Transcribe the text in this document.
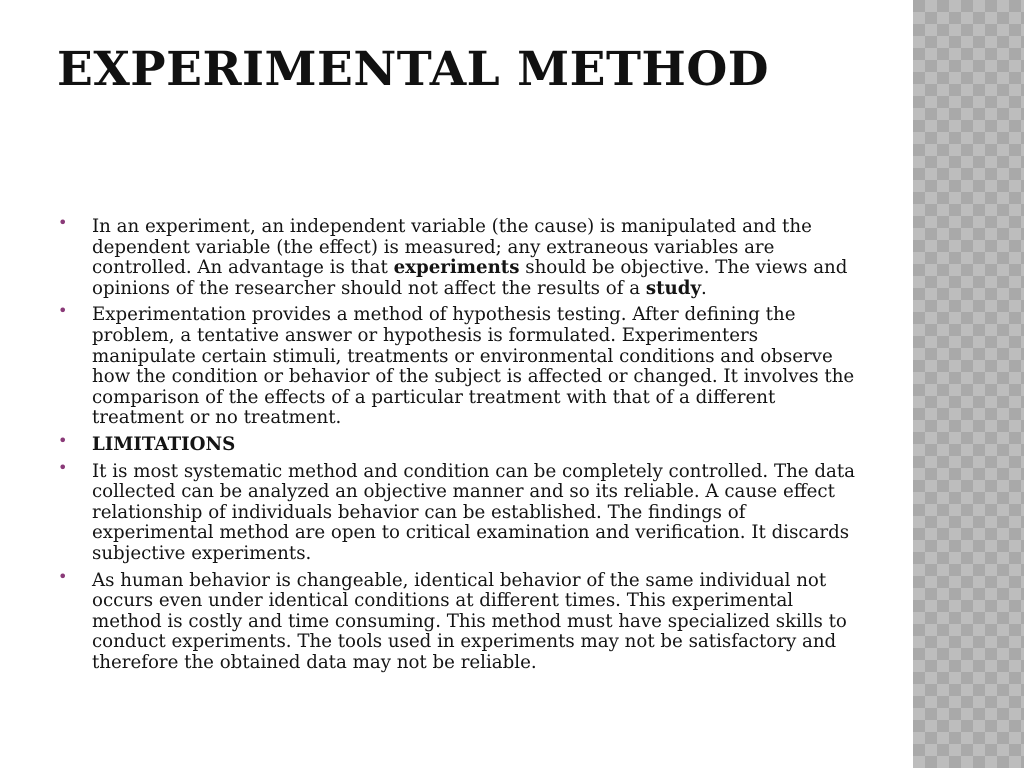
EXPERIMENTAL METHOD
• In an experiment, an independent variable (the cause) is manipulated and the dependent variable (the effect) is measured; any extraneous variables are controlled. An advantage is that experiments should be objective. The views and opinions of the researcher should not affect the results of a study.
• Experimentation provides a method of hypothesis testing. After defining the problem, a tentative answer or hypothesis is formulated. Experimenters manipulate certain stimuli, treatments or environmental conditions and observe how the condition or behavior of the subject is affected or changed. It involves the comparison of the effects of a particular treatment with that of a different treatment or no treatment.
• LIMITATIONS
• It is most systematic method and condition can be completely controlled. The data collected can be analyzed an objective manner and so its reliable. A cause effect relationship of individuals behavior can be established. The findings of experimental method are open to critical examination and verification. It discards subjective experiments.
• As human behavior is changeable, identical behavior of the same individual not occurs even under identical conditions at different times. This experimental method is costly and time consuming. This method must have specialized skills to conduct experiments. The tools used in experiments may not be satisfactory and therefore the obtained data may not be reliable.
